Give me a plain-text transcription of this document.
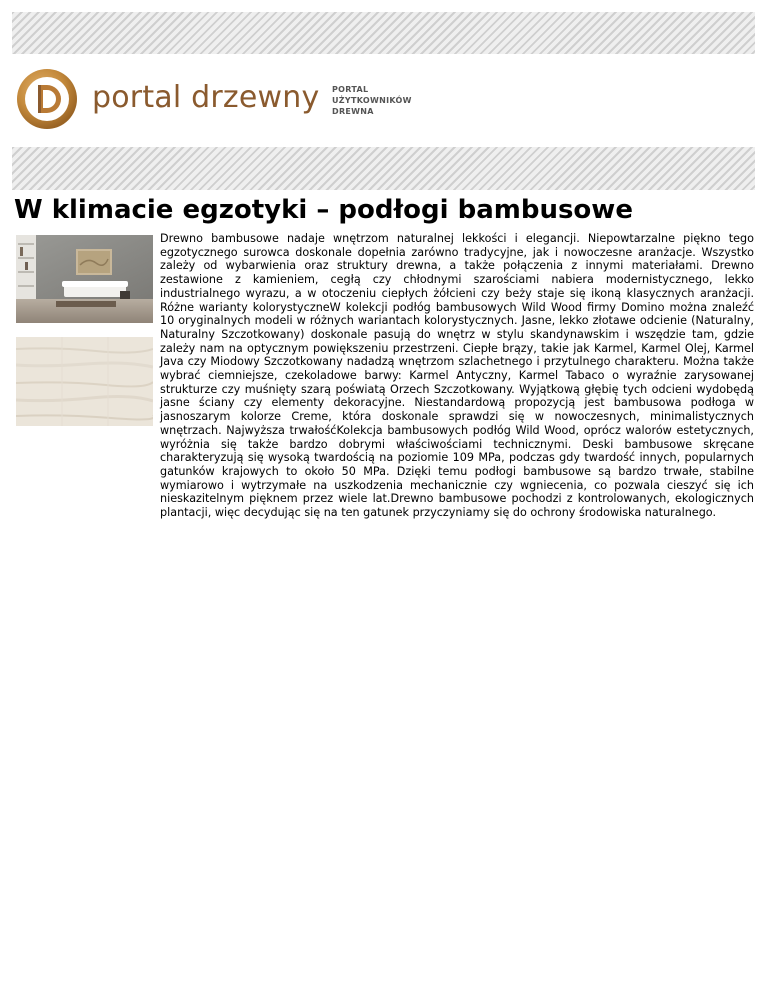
portal drzewny PORTAL
UŻYTKOWNIKÓW
DREWNA
W klimacie egzotyki – podłogi bambusowe

Drewno bambusowe nadaje wnętrzom naturalnej lekkości i elegancji. Niepowtarzalne piękno tego egzotycznego surowca doskonale dopełnia zarówno tradycyjne, jak i nowoczesne aranżacje. Wszystko zależy od wybarwienia oraz struktury drewna, a także połączenia z innymi materiałami. Drewno zestawione z kamieniem, cegłą czy chłodnymi szarościami nabiera modernistycznego, lekko industrialnego wyrazu, a w otoczeniu ciepłych żółcieni czy beży staje się ikoną klasycznych aranżacji. Różne warianty kolorystyczneW kolekcji podłóg bambusowych Wild Wood firmy Domino można znaleźć 10 oryginalnych modeli w różnych wariantach kolorystycznych. Jasne, lekko złotawe odcienie (Naturalny, Naturalny Szczotkowany) doskonale pasują do wnętrz w stylu skandynawskim i wszędzie tam, gdzie zależy nam na optycznym powiększeniu przestrzeni. Ciepłe brązy, takie jak Karmel, Karmel Olej, Karmel Java czy Miodowy Szczotkowany nadadzą wnętrzom szlachetnego i przytulnego charakteru. Można także wybrać ciemniejsze, czekoladowe barwy: Karmel Antyczny, Karmel Tabaco o wyraźnie zarysowanej strukturze czy muśnięty szarą poświatą Orzech Szczotkowany. Wyjątkową głębię tych odcieni wydobędą jasne ściany czy elementy dekoracyjne. Niestandardową propozycją jest bambusowa podłoga w jasnoszarym kolorze Creme, która doskonale sprawdzi się w nowoczesnych, minimalistycznych wnętrzach. Najwyższa trwałośćKolekcja bambusowych podłóg Wild Wood, oprócz walorów estetycznych, wyróżnia się także bardzo dobrymi właściwościami technicznymi. Deski bambusowe skręcane charakteryzują się wysoką twardością na poziomie 109 MPa, podczas gdy twardość innych, popularnych gatunków krajowych to około 50 MPa. Dzięki temu podłogi bambusowe są bardzo trwałe, stabilne wymiarowo i wytrzymałe na uszkodzenia mechanicznie czy wgniecenia, co pozwala cieszyć się ich nieskazitelnym pięknem przez wiele lat.Drewno bambusowe pochodzi z kontrolowanych, ekologicznych plantacji, więc decydując się na ten gatunek przyczyniamy się do ochrony środowiska naturalnego.
